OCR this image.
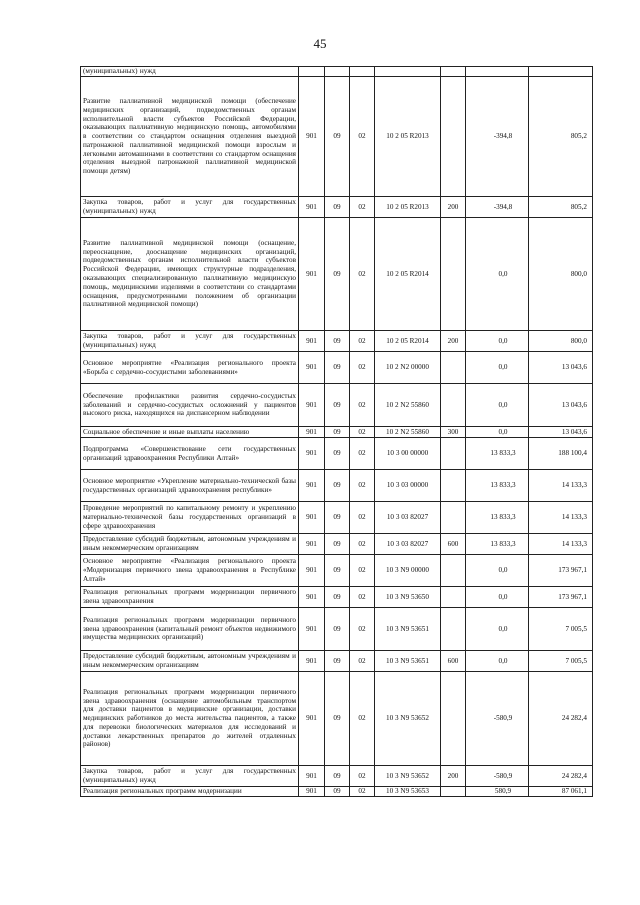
45
(муниципальных) нужд							
Развитие паллиативной медицинской помощи (обеспечение медицинских организаций, подведомственных органам исполнительной власти субъектов Российской Федерации, оказывающих паллиативную медицинскую помощь, автомобилями в соответствии со стандартом оснащения отделения выездной патронажной паллиативной медицинской помощи взрослым и легковыми автомашинами в соответствии со стандартом оснащения отделения выездной патронажной паллиативной медицинской помощи детям)	901	09	02	10 2 05 R2013		-394,8	805,2
Закупка товаров, работ и услуг для государственных (муниципальных) нужд	901	09	02	10 2 05 R2013	200	-394,8	805,2
Развитие паллиативной медицинской помощи (оснащение, переоснащение, дооснащение медицинских организаций, подведомственных органам исполнительной власти субъектов Российской Федерации, имеющих структурные подразделения, оказывающих специализированную паллиативную медицинскую помощь, медицинскими изделиями в соответствии со стандартами оснащения, предусмотренными положением об организации паллиативной медицинской помощи)	901	09	02	10 2 05 R2014		0,0	800,0
Закупка товаров, работ и услуг для государственных (муниципальных) нужд	901	09	02	10 2 05 R2014	200	0,0	800,0
Основное мероприятие «Реализация регионального проекта «Борьба с сердечно-сосудистыми заболеваниями»	901	09	02	10 2 N2 00000		0,0	13 043,6
Обеспечение профилактики развития сердечно-сосудистых заболеваний и сердечно-сосудистых осложнений у пациентов высокого риска, находящихся на диспансерном наблюдении	901	09	02	10 2 N2 55860		0,0	13 043,6
Социальное обеспечение и иные выплаты населению	901	09	02	10 2 N2 55860	300	0,0	13 043,6
Подпрограмма «Совершенствование сети государственных организаций здравоохранения Республики Алтай»	901	09	02	10 3 00 00000		13 833,3	188 100,4
Основное мероприятие «Укрепление материально-технической базы государственных организаций здравоохранения республики»	901	09	02	10 3 03 00000		13 833,3	14 133,3
Проведение мероприятий по капитальному ремонту и укреплению материально-технической базы государственных организаций в сфере здравоохранения	901	09	02	10 3 03 82027		13 833,3	14 133,3
Предоставление субсидий бюджетным, автономным учреждениям и иным некоммерческим организациям	901	09	02	10 3 03 82027	600	13 833,3	14 133,3
Основное мероприятие «Реализация регионального проекта «Модернизация первичного звена здравоохранения в Республике Алтай»	901	09	02	10 3 N9 00000		0,0	173 967,1
Реализация региональных программ модернизации первичного звена здравоохранения	901	09	02	10 3 N9 53650		0,0	173 967,1
Реализация региональных программ модернизации первичного звена здравоохранения (капитальный ремонт объектов недвижимого имущества медицинских организаций)	901	09	02	10 3 N9 53651		0,0	7 005,5
Предоставление субсидий бюджетным, автономным учреждениям и иным некоммерческим организациям	901	09	02	10 3 N9 53651	600	0,0	7 005,5
Реализация региональных программ модернизации первичного звена здравоохранения (оснащение автомобильным транспортом для доставки пациентов в медицинские организации, доставки медицинских работников до места жительства пациентов, а также для перевозки биологических материалов для исследований и доставки лекарственных препаратов до жителей отдаленных районов)	901	09	02	10 3 N9 53652		-580,9	24 282,4
Закупка товаров, работ и услуг для государственных (муниципальных) нужд	901	09	02	10 3 N9 53652	200	-580,9	24 282,4
Реализация региональных программ модернизации	901	09	02	10 3 N9 53653		580,9	87 061,1
